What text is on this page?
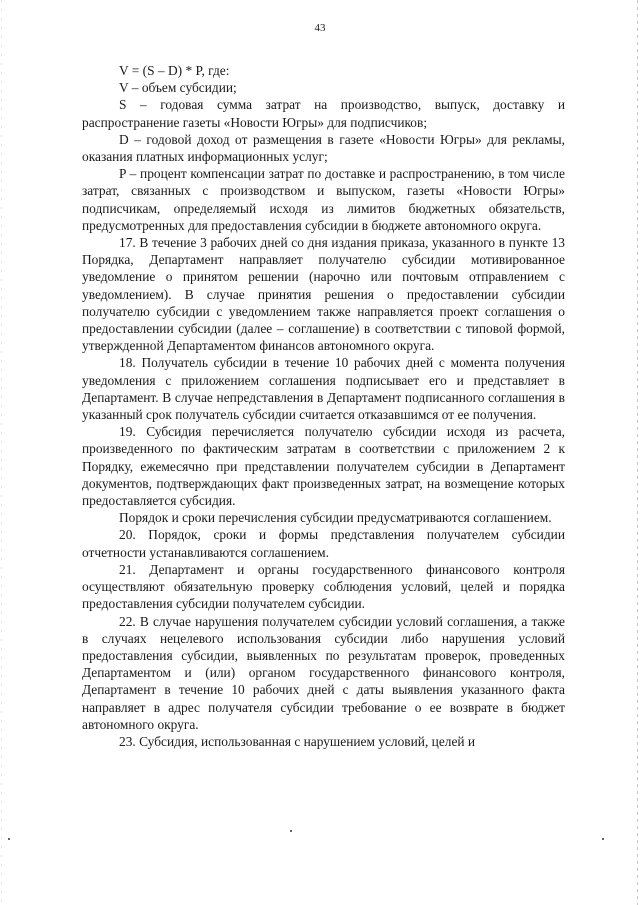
43

V = (S – D) * P, где:

V – объем субсидии;

S – годовая сумма затрат на производство, выпуск, доставку и распространение газеты «Новости Югры» для подписчиков;

D – годовой доход от размещения в газете «Новости Югры» для рекламы, оказания платных информационных услуг;

P – процент компенсации затрат по доставке и распространению, в том числе затрат, связанных с производством и выпуском, газеты «Новости Югры» подписчикам, определяемый исходя из лимитов бюджетных обязательств, предусмотренных для предоставления субсидии в бюджете автономного округа.

17. В течение 3 рабочих дней со дня издания приказа, указанного в пункте 13 Порядка, Департамент направляет получателю субсидии мотивированное уведомление о принятом решении (нарочно или почтовым отправлением с уведомлением). В случае принятия решения о предоставлении субсидии получателю субсидии с уведомлением также направляется проект соглашения о предоставлении субсидии (далее – соглашение) в соответствии с типовой формой, утвержденной Департаментом финансов автономного округа.

18. Получатель субсидии в течение 10 рабочих дней с момента получения уведомления с приложением соглашения подписывает его и представляет в Департамент. В случае непредставления в Департамент подписанного соглашения в указанный срок получатель субсидии считается отказавшимся от ее получения.

19. Субсидия перечисляется получателю субсидии исходя из расчета, произведенного по фактическим затратам в соответствии с приложением 2 к Порядку, ежемесячно при представлении получателем субсидии в Департамент документов, подтверждающих факт произведенных затрат, на возмещение которых предоставляется субсидия.

Порядок и сроки перечисления субсидии предусматриваются соглашением.

20. Порядок, сроки и формы представления получателем субсидии отчетности устанавливаются соглашением.

21. Департамент и органы государственного финансового контроля осуществляют обязательную проверку соблюдения условий, целей и порядка предоставления субсидии получателем субсидии.

22. В случае нарушения получателем субсидии условий соглашения, а также в случаях нецелевого использования субсидии либо нарушения условий предоставления субсидии, выявленных по результатам проверок, проведенных Департаментом и (или) органом государственного финансового контроля, Департамент в течение 10 рабочих дней с даты выявления указанного факта направляет в адрес получателя субсидии требование о ее возврате в бюджет автономного округа.

23. Субсидия, использованная с нарушением условий, целей и
